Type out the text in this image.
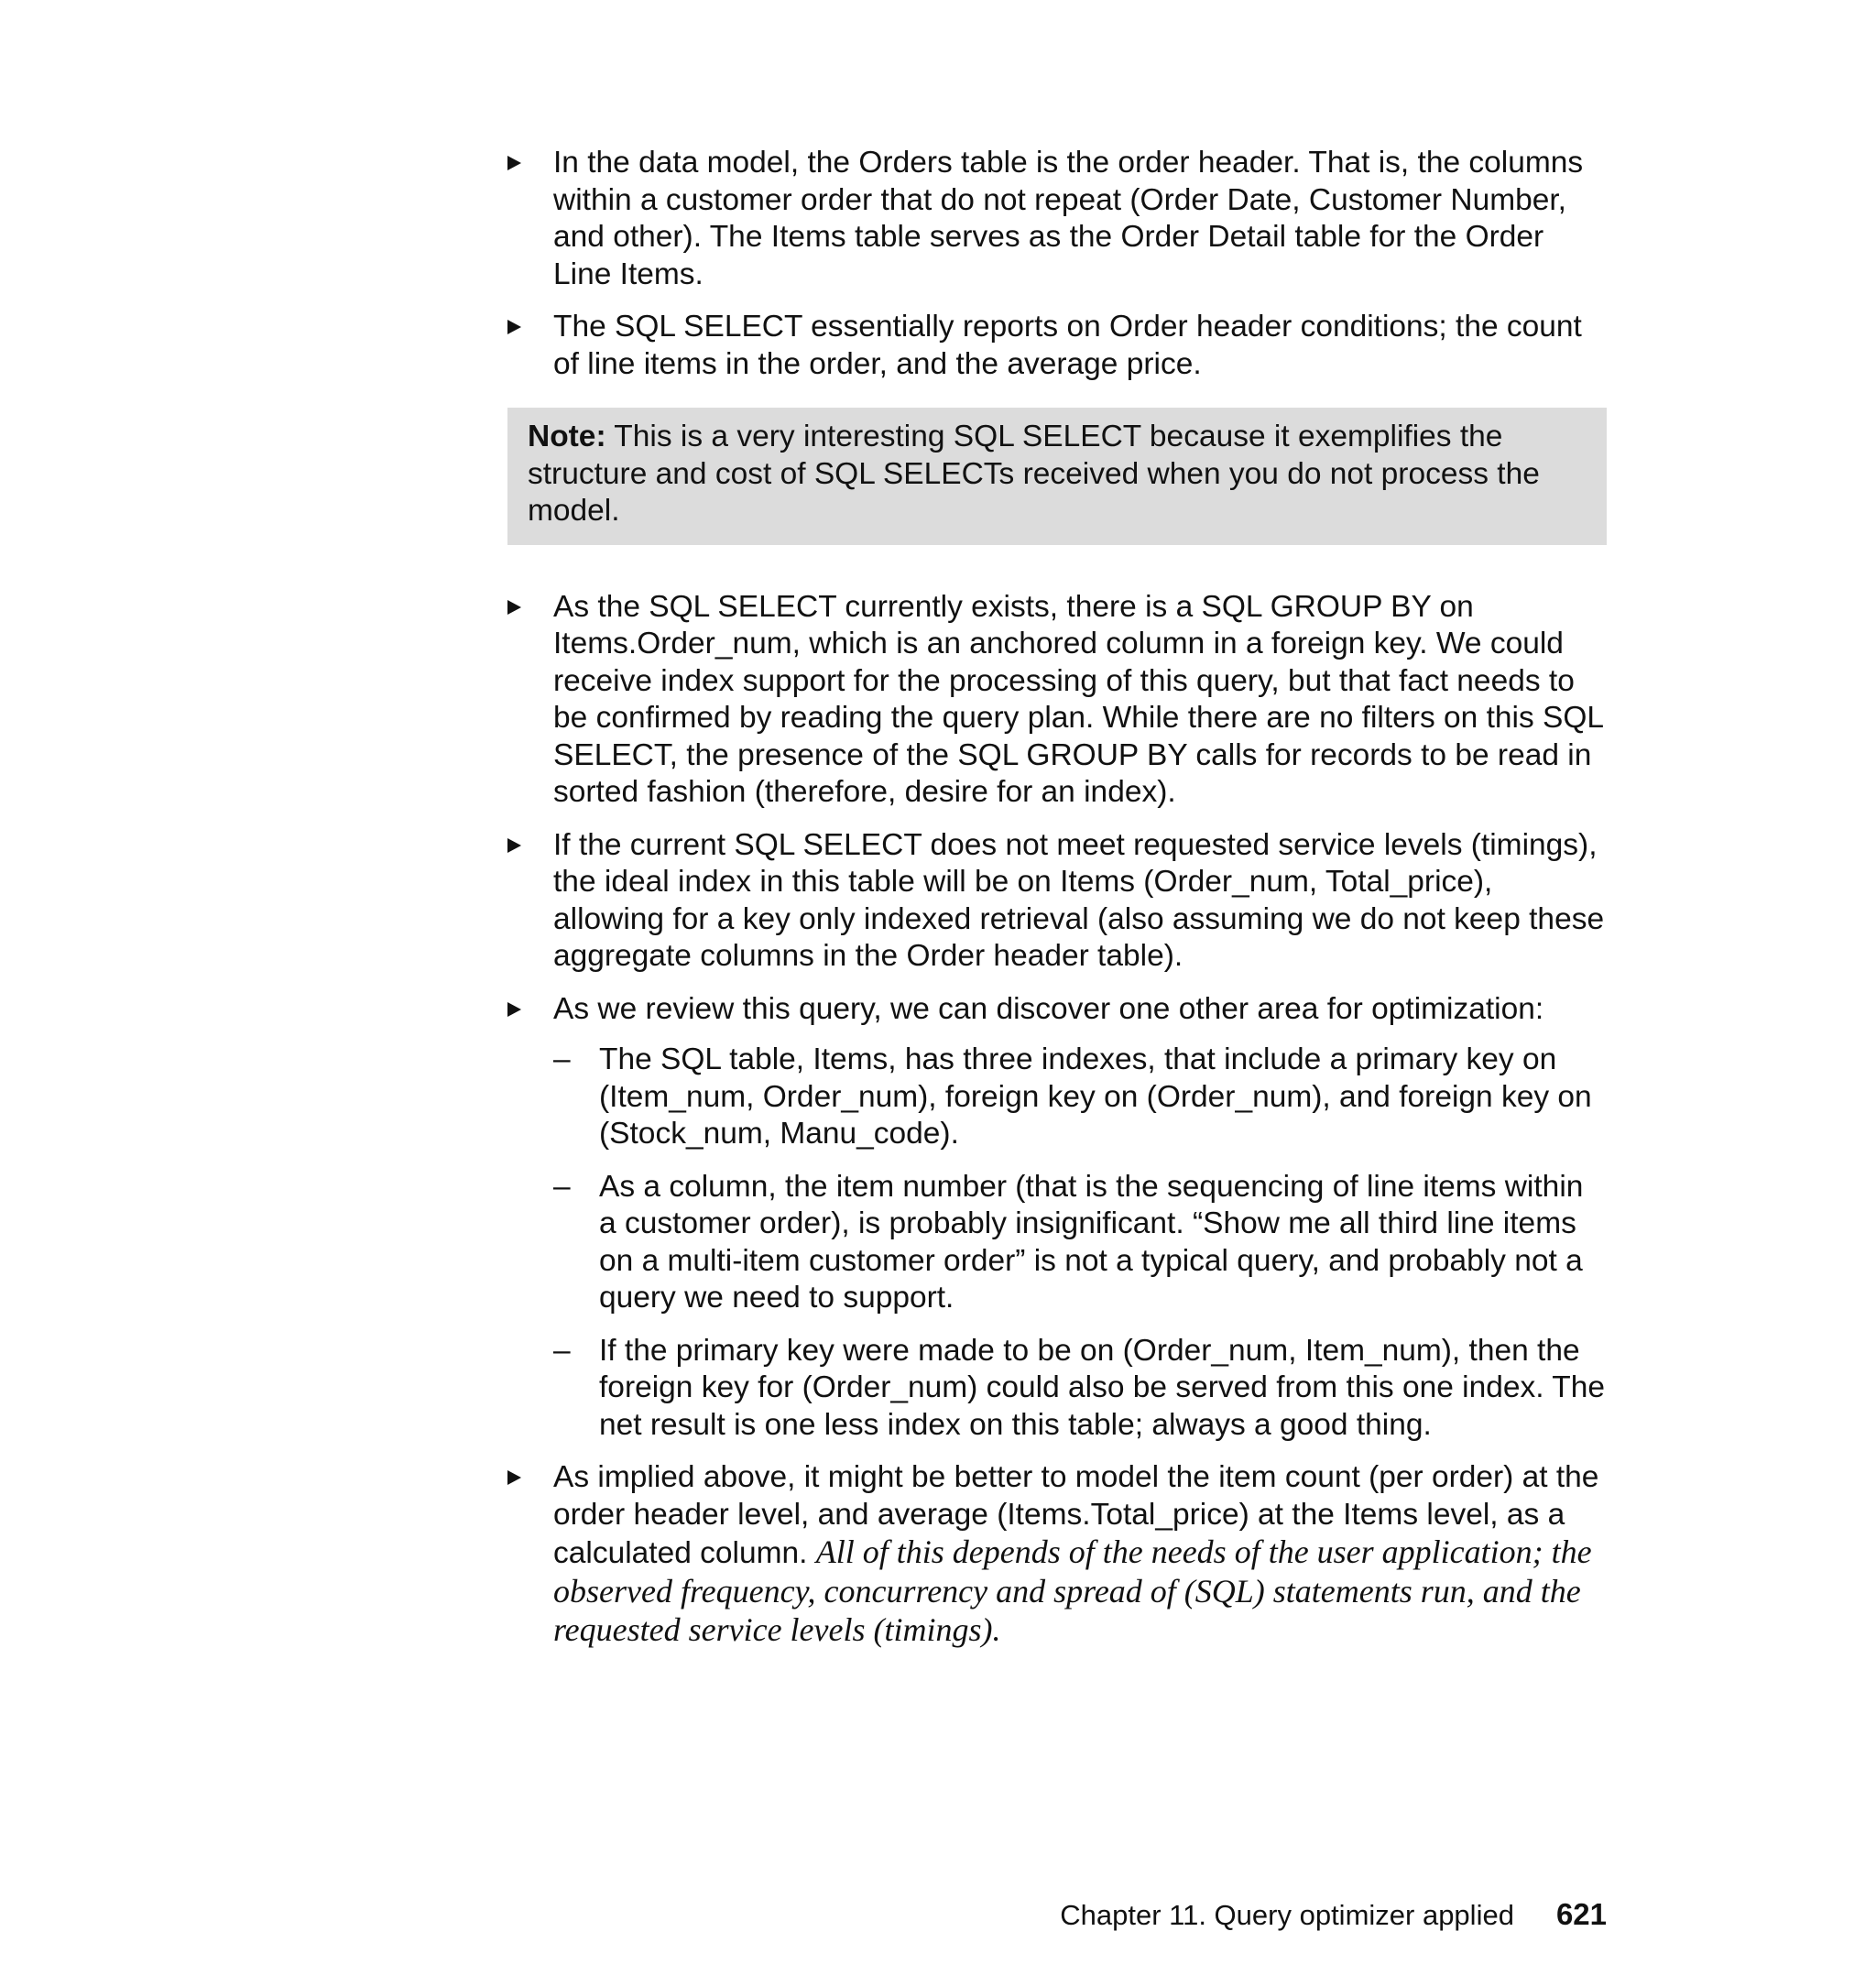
In the data model, the Orders table is the order header. That is, the columns within a customer order that do not repeat (Order Date, Customer Number, and other). The Items table serves as the Order Detail table for the Order Line Items.
The SQL SELECT essentially reports on Order header conditions; the count of line items in the order, and the average price.
Note: This is a very interesting SQL SELECT because it exemplifies the structure and cost of SQL SELECTs received when you do not process the model.
As the SQL SELECT currently exists, there is a SQL GROUP BY on Items.Order_num, which is an anchored column in a foreign key. We could receive index support for the processing of this query, but that fact needs to be confirmed by reading the query plan. While there are no filters on this SQL SELECT, the presence of the SQL GROUP BY calls for records to be read in sorted fashion (therefore, desire for an index).
If the current SQL SELECT does not meet requested service levels (timings), the ideal index in this table will be on Items (Order_num, Total_price), allowing for a key only indexed retrieval (also assuming we do not keep these aggregate columns in the Order header table).
As we review this query, we can discover one other area for optimization:
– The SQL table, Items, has three indexes, that include a primary key on (Item_num, Order_num), foreign key on (Order_num), and foreign key on (Stock_num, Manu_code).
– As a column, the item number (that is the sequencing of line items within a customer order), is probably insignificant. “Show me all third line items on a multi-item customer order” is not a typical query, and probably not a query we need to support.
– If the primary key were made to be on (Order_num, Item_num), then the foreign key for (Order_num) could also be served from this one index. The net result is one less index on this table; always a good thing.
As implied above, it might be better to model the item count (per order) at the order header level, and average (Items.Total_price) at the Items level, as a calculated column. All of this depends of the needs of the user application; the observed frequency, concurrency and spread of (SQL) statements run, and the requested service levels (timings).
Chapter 11. Query optimizer applied 621
